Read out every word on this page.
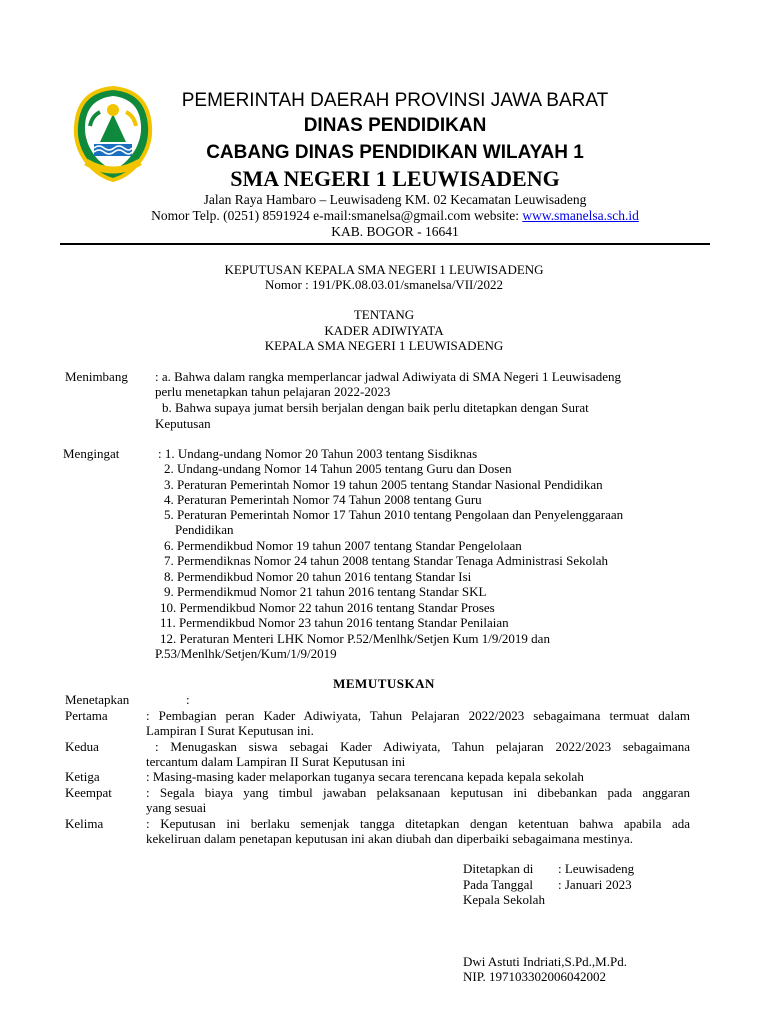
PEMERINTAH DAERAH PROVINSI JAWA BARAT
DINAS PENDIDIKAN
CABANG DINAS PENDIDIKAN WILAYAH 1
SMA NEGERI 1 LEUWISADENG
Jalan Raya Hambaro – Leuwisadeng KM. 02 Kecamatan Leuwisadeng
Nomor Telp. (0251) 8591924 e-mail:smanelsa@gmail.com website: www.smanelsa.sch.id
KAB. BOGOR - 16641
KEPUTUSAN KEPALA SMA NEGERI 1 LEUWISADENG
Nomor : 191/PK.08.03.01/smanelsa/VII/2022
TENTANG
KADER ADIWIYATA
KEPALA SMA NEGERI 1 LEUWISADENG
Menimbang : a. Bahwa dalam rangka memperlancar jadwal Adiwiyata di SMA Negeri 1 Leuwisadeng
perlu menetapkan tahun pelajaran 2022-2023
b. Bahwa supaya jumat bersih berjalan dengan baik perlu ditetapkan dengan Surat
Keputusan
Mengingat	: 1. Undang-undang Nomor 20 Tahun 2003 tentang Sisdiknas
2. Undang-undang Nomor 14 Tahun 2005 tentang Guru dan Dosen
3. Peraturan Pemerintah Nomor 19 tahun 2005 tentang Standar Nasional Pendidikan
4. Peraturan Pemerintah Nomor 74 Tahun 2008 tentang Guru
5. Peraturan Pemerintah Nomor 17 Tahun 2010 tentang Pengolaan dan Penyelenggaraan
Pendidikan
6. Permendikbud Nomor 19 tahun 2007 tentang Standar Pengelolaan
7. Permendiknas Nomor 24 tahun 2008 tentang Standar Tenaga Administrasi Sekolah
8. Permendikbud Nomor 20 tahun 2016 tentang Standar Isi
9. Permendikmud Nomor 21 tahun 2016 tentang Standar SKL
10. Permendikbud Nomor 22 tahun 2016 tentang Standar Proses
11. Permendikbud Nomor 23 tahun 2016 tentang Standar Penilaian
12. Peraturan Menteri LHK Nomor P.52/Menlhk/Setjen Kum 1/9/2019 dan
P.53/Menlhk/Setjen/Kum/1/9/2019
MEMUTUSKAN
Menetapkan	:
Pertama	: Pembagian peran Kader Adiwiyata, Tahun Pelajaran 2022/2023 sebagaimana termuat dalam
Lampiran I Surat Keputusan ini.
Kedua	: Menugaskan siswa sebagai Kader Adiwiyata, Tahun pelajaran 2022/2023 sebagaimana
tercantum dalam Lampiran II Surat Keputusan ini
Ketiga	: Masing-masing kader melaporkan tuganya secara terencana kepada kepala sekolah
Keempat	: Segala biaya yang timbul jawaban pelaksanaan keputusan ini dibebankan pada anggaran
yang sesuai
Kelima	: Keputusan ini berlaku semenjak tangga ditetapkan dengan ketentuan bahwa apabila ada
kekeliruan dalam penetapan keputusan ini akan diubah dan diperbaiki sebagaimana mestinya.
Ditetapkan di : Leuwisadeng
Pada Tanggal : Januari 2023
Kepala Sekolah
Dwi Astuti Indriati,S.Pd.,M.Pd.
NIP. 197103302006042002
